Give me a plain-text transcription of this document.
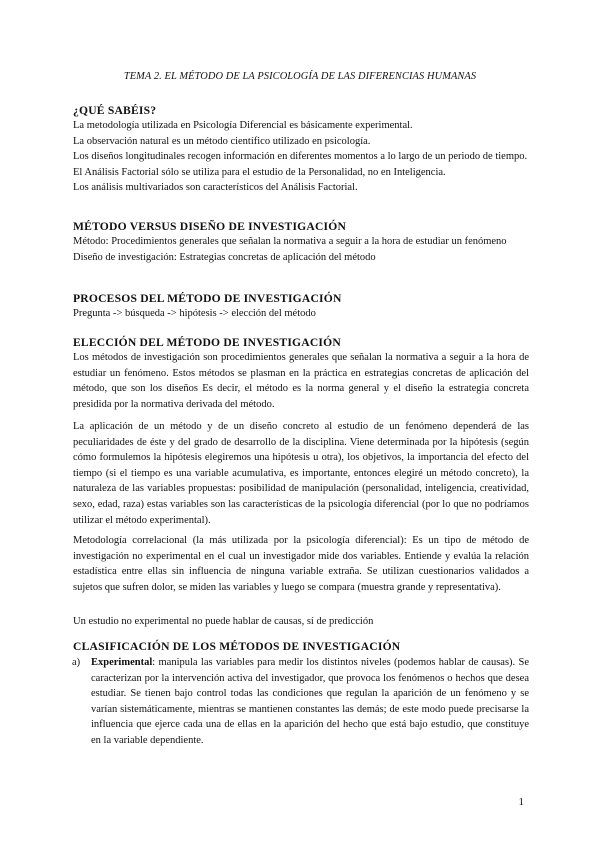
TEMA 2. EL MÉTODO DE LA PSICOLOGÍA DE LAS DIFERENCIAS HUMANAS

¿QUÉ SABÉIS?

La metodología utilizada en Psicología Diferencial es básicamente experimental.

La observación natural es un método científico utilizado en psicología.

Los diseños longitudinales recogen información en diferentes momentos a lo largo de un periodo de tiempo.

El Análisis Factorial sólo se utiliza para el estudio de la Personalidad, no en Inteligencia.

Los análisis multivariados son característicos del Análisis Factorial.

MÉTODO VERSUS DISEÑO DE INVESTIGACIÓN

Método: Procedimientos generales que señalan la normativa a seguir a la hora de estudiar un fenómeno

Diseño de investigación: Estrategias concretas de aplicación del método

PROCESOS DEL MÉTODO DE INVESTIGACIÓN

Pregunta -> búsqueda -> hipótesis -> elección del método

ELECCIÓN DEL MÉTODO DE INVESTIGACIÓN

Los métodos de investigación son procedimientos generales que señalan la normativa a seguir a la hora de estudiar un fenómeno. Estos métodos se plasman en la práctica en estrategias concretas de aplicación del método, que son los diseños Es decir, el método es la norma general y el diseño la estrategia concreta presidida por la normativa derivada del método.

La aplicación de un método y de un diseño concreto al estudio de un fenómeno dependerá de las peculiaridades de éste y del grado de desarrollo de la disciplina. Viene determinada por la hipótesis (según cómo formulemos la hipótesis elegiremos una hipótesis u otra), los objetivos, la importancia del efecto del tiempo (si el tiempo es una variable acumulativa, es importante, entonces elegiré un método concreto), la naturaleza de las variables propuestas: posibilidad de manipulación (personalidad, inteligencia, creatividad, sexo, edad, raza) estas variables son las características de la psicología diferencial (por lo que no podríamos utilizar el método experimental).

Metodología correlacional (la más utilizada por la psicología diferencial): Es un tipo de método de investigación no experimental en el cual un investigador mide dos variables. Entiende y evalúa la relación estadística entre ellas sin influencia de ninguna variable extraña. Se utilizan cuestionarios validados a sujetos que sufren dolor, se miden las variables y luego se compara (muestra grande y representativa).

Un estudio no experimental no puede hablar de causas, sí de predicción

CLASIFICACIÓN DE LOS MÉTODOS DE INVESTIGACIÓN

a) Experimental: manipula las variables para medir los distintos niveles (podemos hablar de causas). Se caracterizan por la intervención activa del investigador, que provoca los fenómenos o hechos que desea estudiar. Se tienen bajo control todas las condiciones que regulan la aparición de un fenómeno y se varían sistemáticamente, mientras se mantienen constantes las demás; de este modo puede precisarse la influencia que ejerce cada una de ellas en la aparición del hecho que está bajo estudio, que constituye en la variable dependiente.
1
